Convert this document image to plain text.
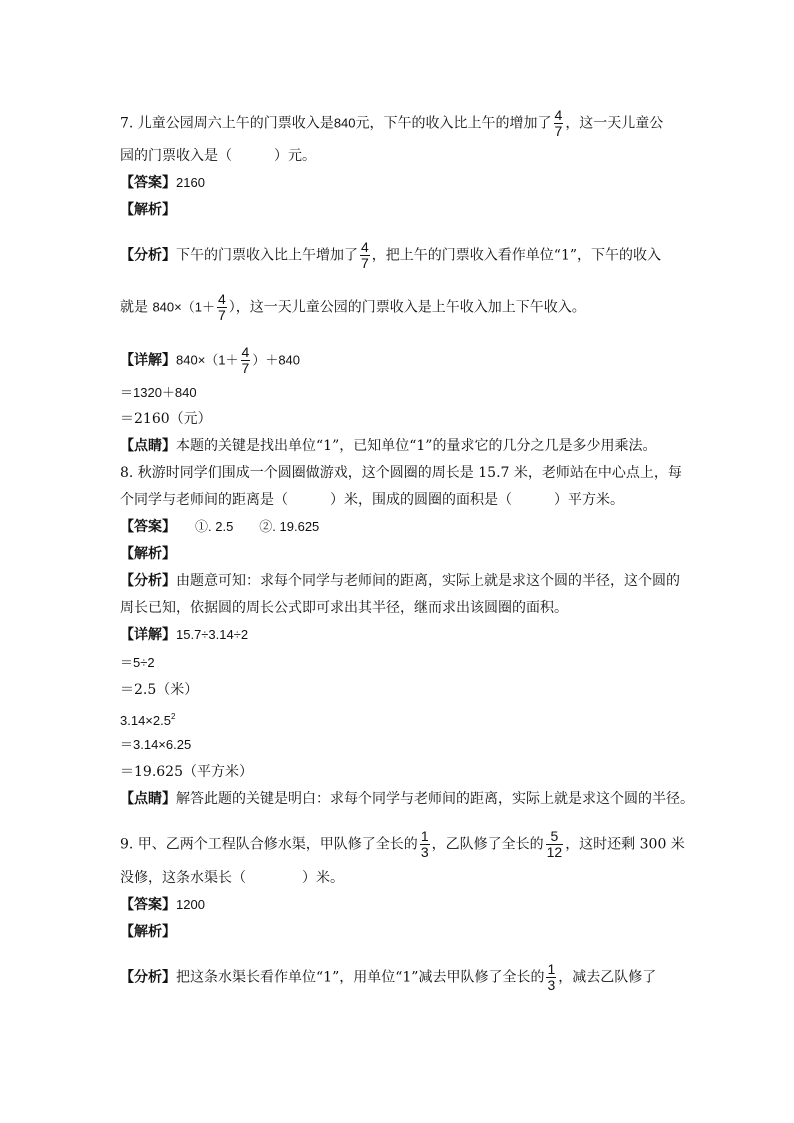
7. 儿童公园周六上午的门票收入是840元，下午的收入比上午的增加了 $\frac{4}{7}$ ，这一天儿童公
园的门票收入是（　　　）元。
【答案】2160
【解析】
【分析】下午的门票收入比上午增加了 $\frac{4}{7}$ ，把上午的门票收入看作单位“1”，下午的收入
就是 $840\times(1+ \frac{4}{7}$ ），这一天儿童公园的门票收入是上午收入加上下午收入。
【详解】$840\times(1+ \frac{4}{7} )+840$
＝1320＋840
＝2160（元）
【点睛】本题的关键是找出单位“1”，已知单位“1”的量求它的几分之几是多少用乘法。
8. 秋游时同学们围成一个圆圈做游戏，这个圆圈的周长是 15.7 米，老师站在中心点上，每
个同学与老师间的距离是（　　　）米，围成的圆圈的面积是（　　　）平方米。
【答案】　　①. 2.5　　②. 19.625
【解析】
【分析】由题意可知：求每个同学与老师间的距离，实际上就是求这个圆的半径，这个圆的
周长已知，依据圆的周长公式即可求出其半径，继而求出该圆圈的面积。
【详解】15.7÷3.14÷2
＝5÷2
＝2.5（米）
$3.14\times 2.5^2$
＝3.14×6.25
＝19.625（平方米）
【点睛】解答此题的关键是明白：求每个同学与老师间的距离，实际上就是求这个圆的半径。
9. 甲、乙两个工程队合修水渠，甲队修了全长的 $\frac{1}{3}$ ，乙队修了全长的 $\frac{5}{12}$ ，这时还剩 300 米
没修，这条水渠长（　　　　）米。
【答案】1200
【解析】
【分析】把这条水渠长看作单位“1”，用单位“1”减去甲队修了全长的 $\frac{1}{3}$ ，减去乙队修了
